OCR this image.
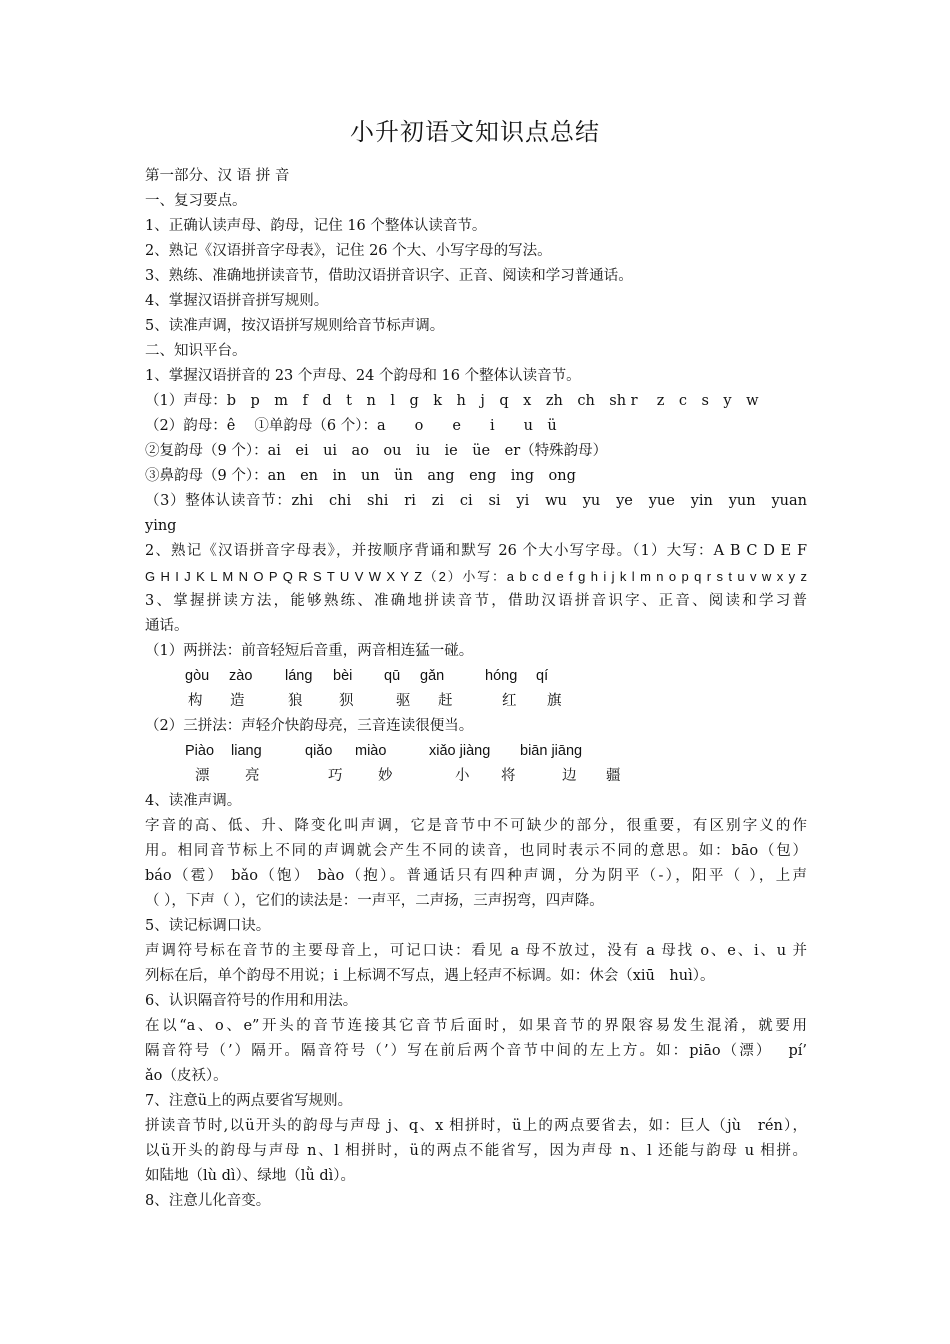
小升初语文知识点总结

第一部分、汉 语 拼 音

一、复习要点。

1、正确认读声母、韵母，记住 16 个整体认读音节。

2、熟记《汉语拼音字母表》，记住 26 个大、小写字母的写法。

3、熟练、准确地拼读音节，借助汉语拼音识字、正音、阅读和学习普通话。

4、掌握汉语拼音拼写规则。

5、读准声调，按汉语拼写规则给音节标声调。

二、知识平台。

1、掌握汉语拼音的 23 个声母、24 个韵母和 16 个整体认读音节。

（1）声母：b　p　m　f　d　t　n　l　g　k　h　j　q　x　zh　ch　sh r　 z　c　s　y　w

（2）韵母：ê　 ①单韵母（6 个）：a　　o　　e　　i　　u　ü

②复韵母（9 个）：ai　ei　ui　ao　ou　iu　ie　üe　er（特殊韵母）

③鼻韵母（9 个）：an　en　in　un　ün　ang　eng　ing　ong

（3）整体认读音节：zhi　chi　shi　ri　zi　ci　si　yi　wu　yu　ye　yue　yin　yun　yuan

ying

2、熟记《汉语拼音字母表》，并按顺序背诵和默写 26 个大小写字母。（1）大写：A B C D E F

G H I J K L M N O P Q R S T U V W X Y Z（2）小写：a b c d e f g h i j k l m n o p q r s t u v w x y z

3、掌握拼读方法，能够熟练、准确地拼读音节，借助汉语拼音识字、正音、阅读和学习普

通话。

（1）两拼法：前音轻短后音重，两音相连猛一碰。

gòu zào láng bèi qū gǎn	hóng qí
构 造	狼	狈	驱 赶	红 旗

（2）三拼法：声轻介快韵母亮，三音连读很便当。

Piào liang	qiǎo miào	xiǎo jiàng biān jiāng
漂 亮	巧 妙	小 将	边 疆

4、读准声调。

字音的高、低、升、降变化叫声调，它是音节中不可缺少的部分，很重要，有区别字义的作

用。相同音节标上不同的声调就会产生不同的读音，也同时表示不同的意思。如：bāo（包）

báo（雹） bǎo（饱） bào（抱）。普通话只有四种声调，分为阴平（-），阳平（ ），上声

（ ），下声（ ），它们的读法是：一声平，二声扬，三声拐弯，四声降。

5、读记标调口诀。

声调符号标在音节的主要母音上，可记口诀：看见 a 母不放过，没有 a 母找 o、e、i、u 并

列标在后，单个韵母不用说；i 上标调不写点，遇上轻声不标调。如：休会（xiū　huì）。

6、认识隔音符号的作用和用法。

在以“a、o、e”开头的音节连接其它音节后面时，如果音节的界限容易发生混淆，就要用

隔音符号（’）隔开。隔音符号（’）写在前后两个音节中间的左上方。如：piāo（漂）　 pí’

ǎo（皮袄）。

7、注意ü上的两点要省写规则。

拼读音节时,以ü开头的韵母与声母 j、q、x 相拼时，ü上的两点要省去，如：巨人（jù　rén），

以ü开头的韵母与声母 n、l 相拼时，ü的两点不能省写，因为声母 n、l 还能与韵母 u 相拼。

如陆地（lù dì）、绿地（lǜ dì）。

8、注意儿化音变。
